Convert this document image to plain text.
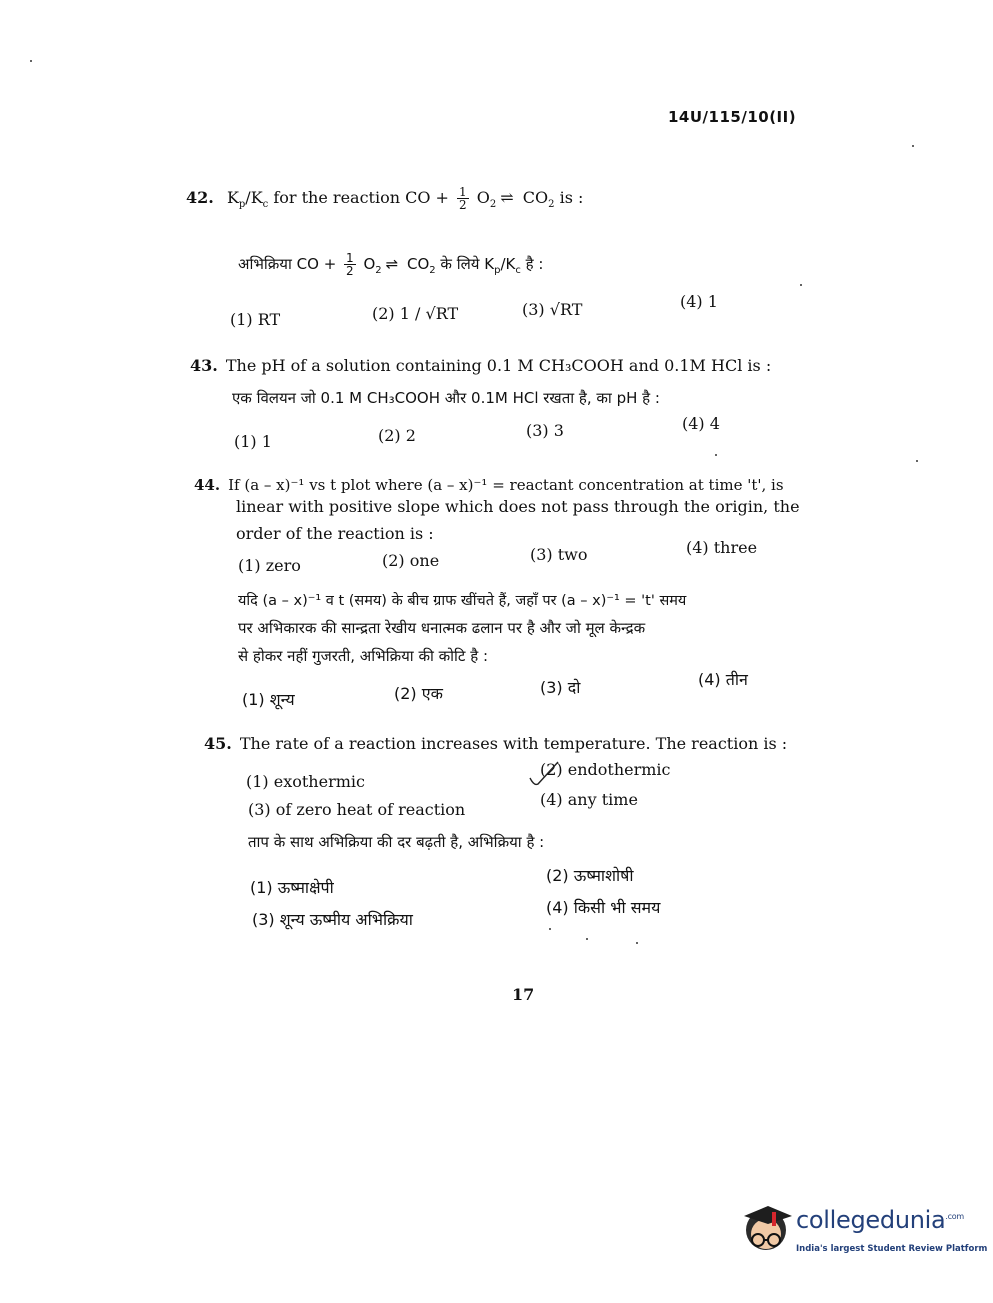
14U/115/10(II)
42. $K_p/K_c$ for the reaction CO + $\frac{1}{2} O_2$ ⇌ $CO_2$ is :
अभिक्रिया CO + $\frac{1}{2} O_2$ ⇌ $CO_2$ के लिये $K_p/K_c$ है :
(1) RT	(2) 1 / √RT	(3) √RT	(4) 1
43. The pH of a solution containing 0.1 M CH₃COOH and 0.1M HCl is :
एक विलयन जो 0.1 M CH₃COOH और 0.1M HCl रखता है, का pH है :
(1) 1	(2) 2	(3) 3	(4) 4
44. If (a – x)⁻¹ vs t plot where (a – x)⁻¹ = reactant concentration at time 't', is
linear with positive slope which does not pass through the origin, the
order of the reaction is :
(1) zero	(2) one	(3) two	(4) three
यदि (a – x)⁻¹ व t (समय) के बीच ग्राफ खींचते हैं, जहाँ पर (a – x)⁻¹ = 't' समय
पर अभिकारक की सान्द्रता रेखीय धनात्मक ढलान पर है और जो मूल केन्द्रक
से होकर नहीं गुजरती, अभिक्रिया की कोटि है :
(1) शून्य	(2) एक	(3) दो	(4) तीन
45. The rate of a reaction increases with temperature. The reaction is :
(1) exothermic
(2) endothermic
(3) of zero heat of reaction
(4) any time
ताप के साथ अभिक्रिया की दर बढ़ती है, अभिक्रिया है :
(1) ऊष्माक्षेपी
(2) ऊष्माशोषी
(3) शून्य ऊष्मीय अभिक्रिया
(4) किसी भी समय
17
collegedunia$^{.com}$
India's largest Student Review Platform
